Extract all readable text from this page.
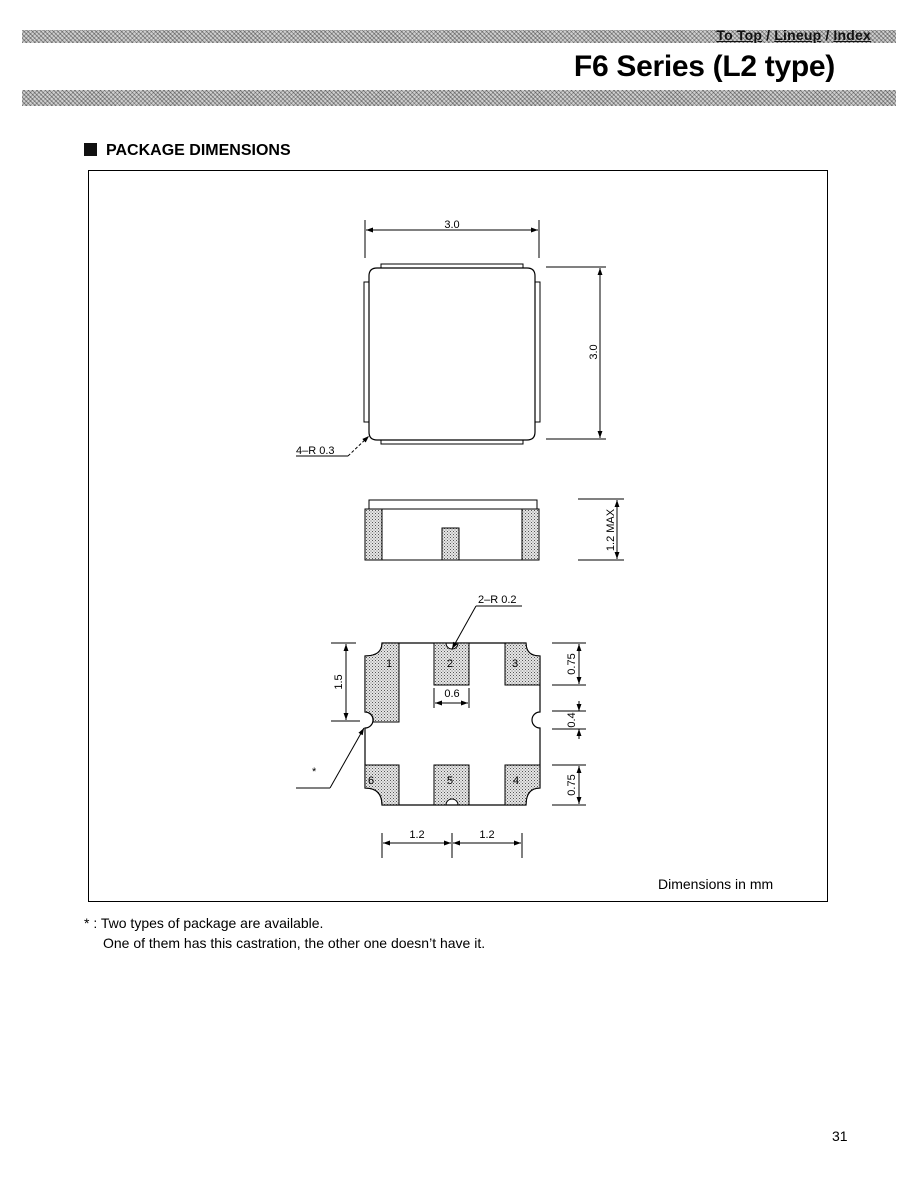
To Top / Lineup / Index
F6 Series (L2 type)
PACKAGE DIMENSIONS
3.0
3.0
4–R 0.3
1.2 MAX
2–R 0.2
1	2	3
6	5	4
1.5
0.6
0.75
0.4
0.75
1.2	1.2
*
Dimensions in mm
* : Two types of package are available.
One of them has this castration, the other one doesn’t have it.
31
